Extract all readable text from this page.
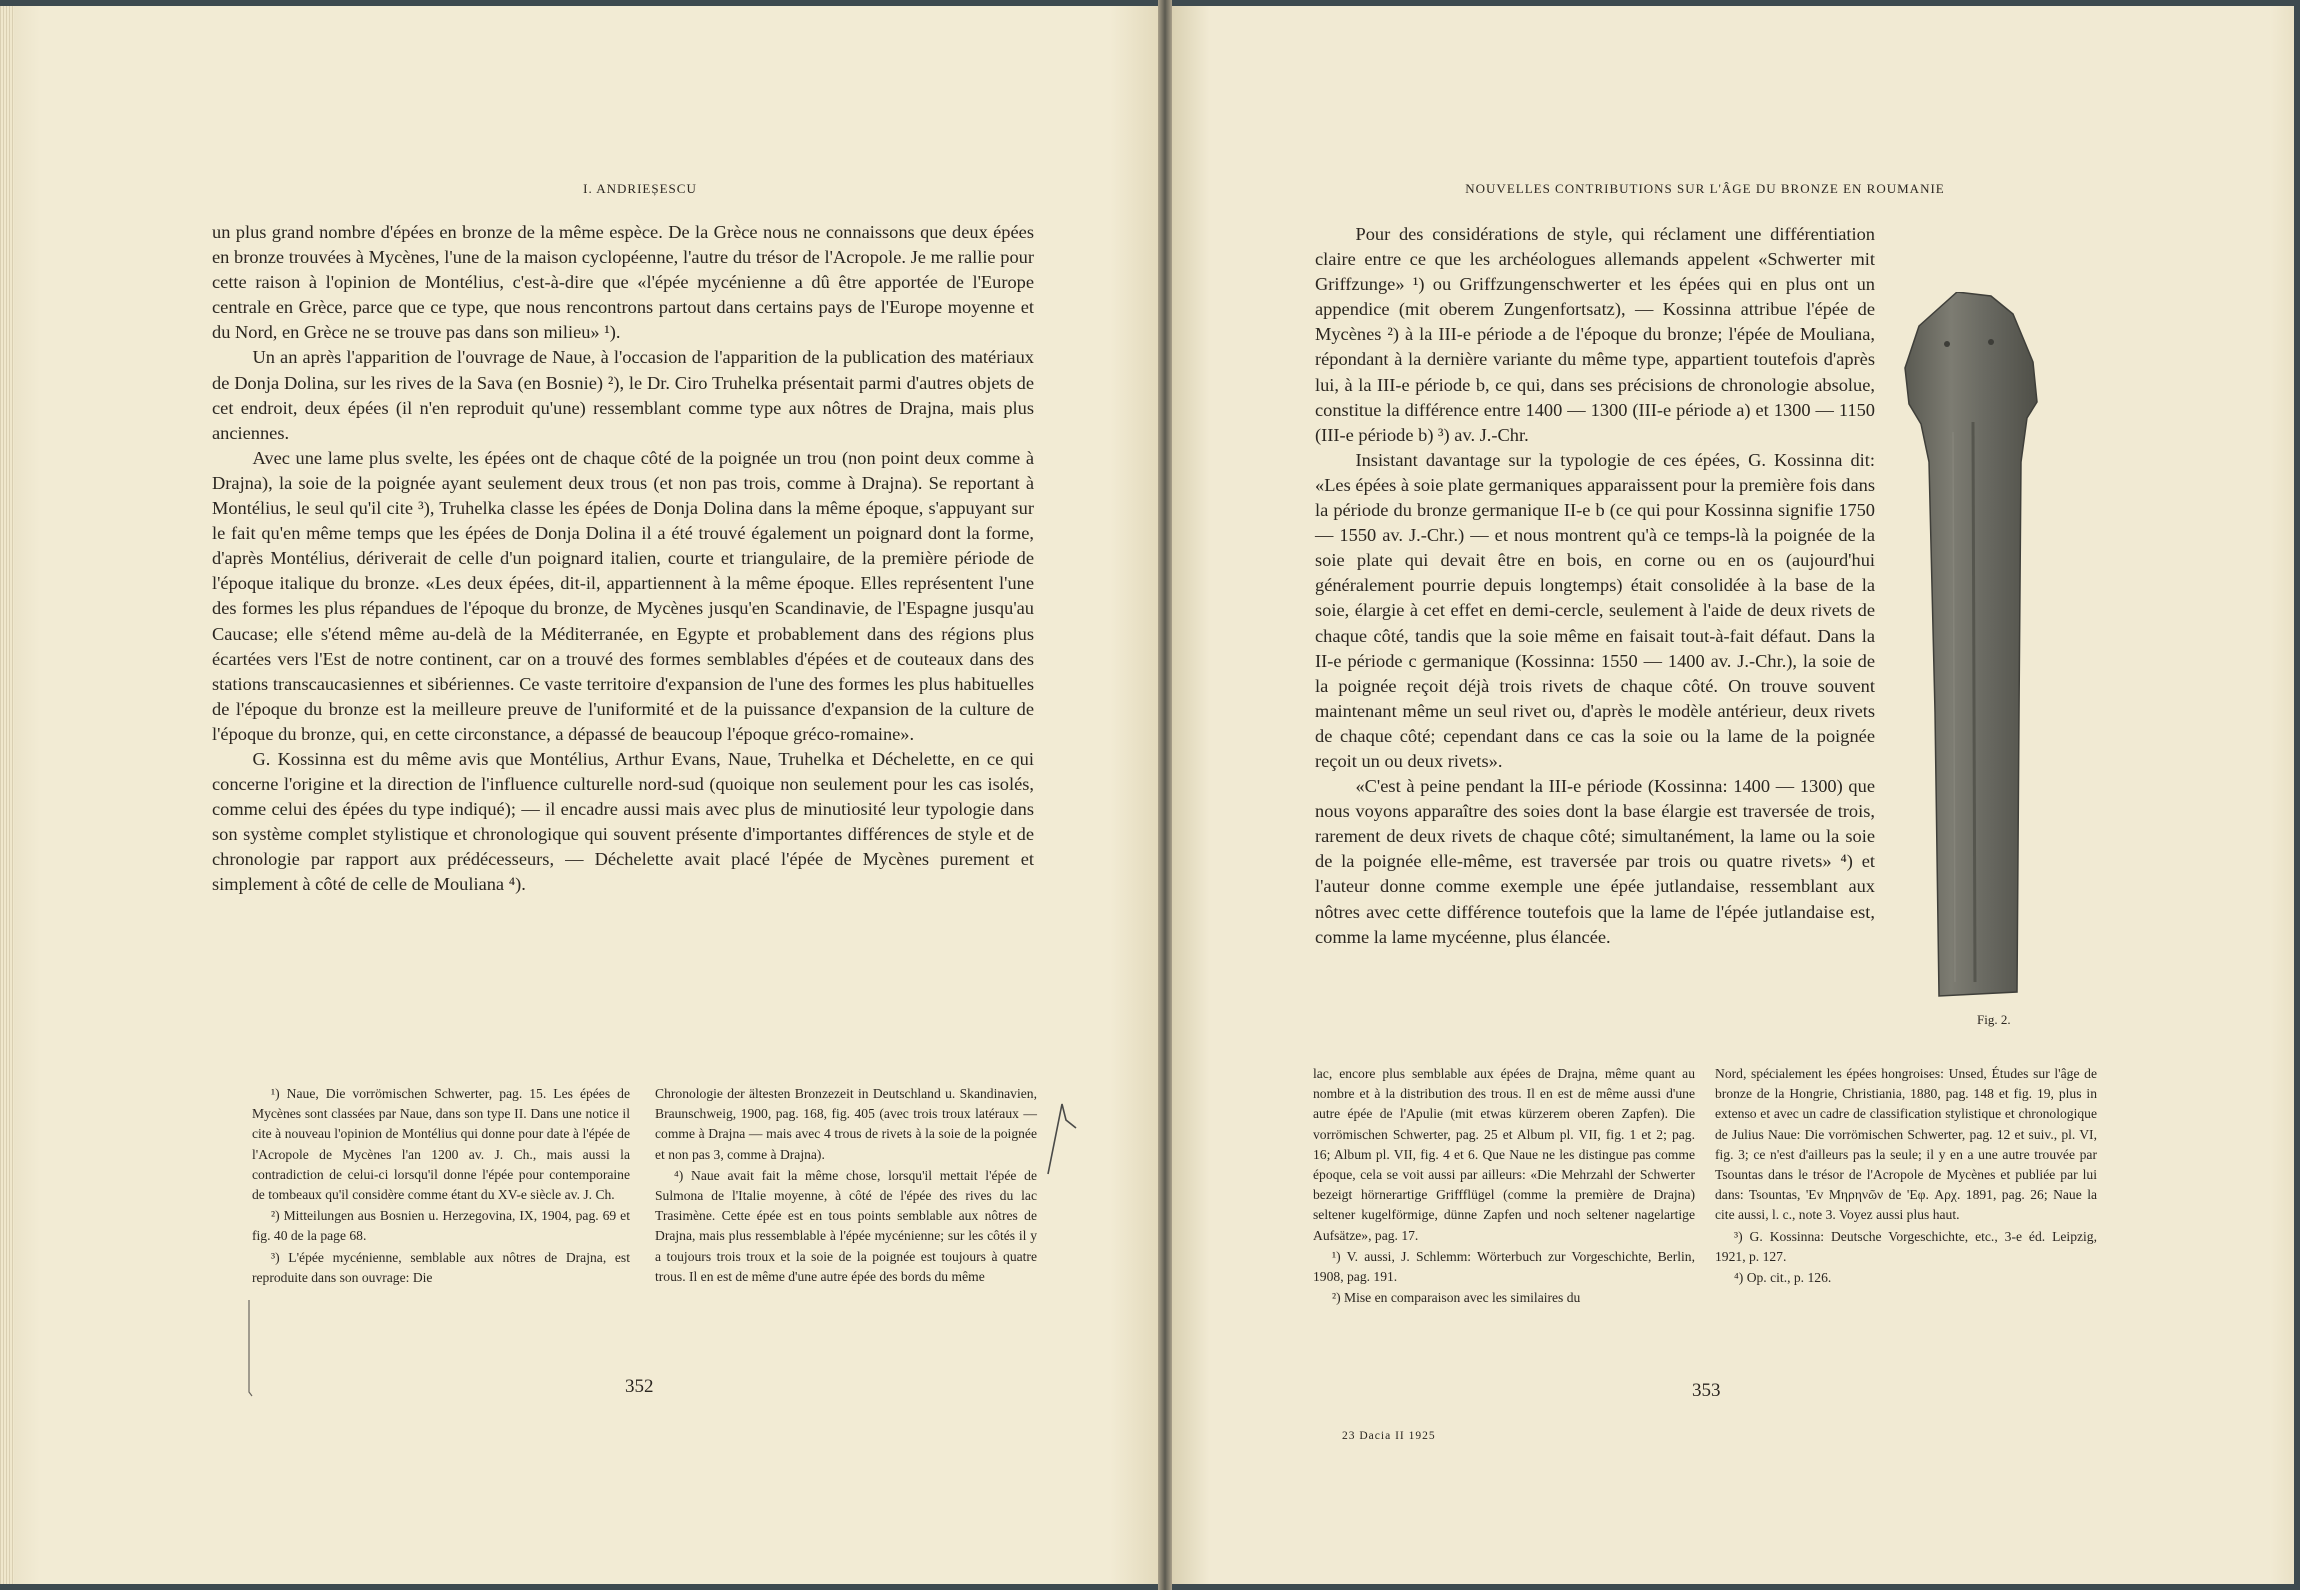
I. ANDRIEȘESCU

un plus grand nombre d'épées en bronze de la même espèce. De la Grèce nous ne connaissons que deux épées en bronze trouvées à Mycènes, l'une de la maison cyclopéenne, l'autre du trésor de l'Acropole. Je me rallie pour cette raison à l'opinion de Montélius, c'est-à-dire que «l'épée mycénienne a dû être apportée de l'Europe centrale en Grèce, parce que ce type, que nous rencontrons partout dans certains pays de l'Europe moyenne et du Nord, en Grèce ne se trouve pas dans son milieu» ¹).

Un an après l'apparition de l'ouvrage de Naue, à l'occasion de l'apparition de la publication des matériaux de Donja Dolina, sur les rives de la Sava (en Bosnie) ²), le Dr. Ciro Truhelka présentait parmi d'autres objets de cet endroit, deux épées (il n'en reproduit qu'une) ressemblant comme type aux nôtres de Drajna, mais plus anciennes.

Avec une lame plus svelte, les épées ont de chaque côté de la poignée un trou (non point deux comme à Drajna), la soie de la poignée ayant seulement deux trous (et non pas trois, comme à Drajna). Se reportant à Montélius, le seul qu'il cite ³), Truhelka classe les épées de Donja Dolina dans la même époque, s'appuyant sur le fait qu'en même temps que les épées de Donja Dolina il a été trouvé également un poignard dont la forme, d'après Montélius, dériverait de celle d'un poignard italien, courte et triangulaire, de la première période de l'époque italique du bronze. «Les deux épées, dit-il, appartiennent à la même époque. Elles représentent l'une des formes les plus répandues de l'époque du bronze, de Mycènes jusqu'en Scandinavie, de l'Espagne jusqu'au Caucase; elle s'étend même au-delà de la Méditerranée, en Egypte et probablement dans des régions plus écartées vers l'Est de notre continent, car on a trouvé des formes semblables d'épées et de couteaux dans des stations transcaucasiennes et sibériennes. Ce vaste territoire d'expansion de l'une des formes les plus habituelles de l'époque du bronze est la meilleure preuve de l'uniformité et de la puissance d'expansion de la culture de l'époque du bronze, qui, en cette circonstance, a dépassé de beaucoup l'époque gréco-romaine».

G. Kossinna est du même avis que Montélius, Arthur Evans, Naue, Truhelka et Déchelette, en ce qui concerne l'origine et la direction de l'influence culturelle nord-sud (quoique non seulement pour les cas isolés, comme celui des épées du type indiqué); — il encadre aussi mais avec plus de minutiosité leur typologie dans son système complet stylistique et chronologique qui souvent présente d'importantes différences de style et de chronologie par rapport aux prédécesseurs, — Déchelette avait placé l'épée de Mycènes purement et simplement à côté de celle de Mouliana ⁴).

¹) Naue, Die vorrömischen Schwerter, pag. 15. Les épées de Mycènes sont classées par Naue, dans son type II. Dans une notice il cite à nouveau l'opinion de Montélius qui donne pour date à l'épée de l'Acropole de Mycènes l'an 1200 av. J. Ch., mais aussi la contradiction de celui-ci lorsqu'il donne l'épée pour contemporaine de tombeaux qu'il considère comme étant du XV-e siècle av. J. Ch.

²) Mitteilungen aus Bosnien u. Herzegovina, IX, 1904, pag. 69 et fig. 40 de la page 68.

³) L'épée mycénienne, semblable aux nôtres de Drajna, est reproduite dans son ouvrage: Die

Chronologie der ältesten Bronzezeit in Deutschland u. Skandinavien, Braunschweig, 1900, pag. 168, fig. 405 (avec trois troux latéraux — comme à Drajna — mais avec 4 trous de rivets à la soie de la poignée et non pas 3, comme à Drajna).

⁴) Naue avait fait la même chose, lorsqu'il mettait l'épée de Sulmona de l'Italie moyenne, à côté de l'épée des rives du lac Trasimène. Cette épée est en tous points semblable aux nôtres de Drajna, mais plus ressemblable à l'épée mycénienne; sur les côtés il y a toujours trois troux et la soie de la poignée est toujours à quatre trous. Il en est de même d'une autre épée des bords du même

352
NOUVELLES CONTRIBUTIONS SUR L'ÂGE DU BRONZE EN ROUMANIE

Pour des considérations de style, qui réclament une différentiation claire entre ce que les archéologues allemands appelent «Schwerter mit Griffzunge» ¹) ou Griffzungenschwerter et les épées qui en plus ont un appendice (mit oberem Zungenfortsatz), — Kossinna attribue l'épée de Mycènes ²) à la III-e période a de l'époque du bronze; l'épée de Mouliana, répondant à la dernière variante du même type, appartient toutefois d'après lui, à la III-e période b, ce qui, dans ses précisions de chronologie absolue, constitue la différence entre 1400 — 1300 (III-e période a) et 1300 — 1150 (III-e période b) ³) av. J.-Chr.

Insistant davantage sur la typologie de ces épées, G. Kossinna dit: «Les épées à soie plate germaniques apparaissent pour la première fois dans la période du bronze germanique II-e b (ce qui pour Kossinna signifie 1750 — 1550 av. J.-Chr.) — et nous montrent qu'à ce temps-là la poignée de la soie plate qui devait être en bois, en corne ou en os (aujourd'hui généralement pourrie depuis longtemps) était consolidée à la base de la soie, élargie à cet effet en demi-cercle, seulement à l'aide de deux rivets de chaque côté, tandis que la soie même en faisait tout-à-fait défaut. Dans la II-e période c germanique (Kossinna: 1550 — 1400 av. J.-Chr.), la soie de la poignée reçoit déjà trois rivets de chaque côté. On trouve souvent maintenant même un seul rivet ou, d'après le modèle antérieur, deux rivets de chaque côté; cependant dans ce cas la soie ou la lame de la poignée reçoit un ou deux rivets».

«C'est à peine pendant la III-e période (Kossinna: 1400 — 1300) que nous voyons apparaître des soies dont la base élargie est traversée de trois, rarement de deux rivets de chaque côté; simultanément, la lame ou la soie de la poignée elle-même, est traversée par trois ou quatre rivets» ⁴) et l'auteur donne comme exemple une épée jutlandaise, ressemblant aux nôtres avec cette différence toutefois que la lame de l'épée jutlandaise est, comme la lame mycéenne, plus élancée.

Fig. 2.

lac, encore plus semblable aux épées de Drajna, même quant au nombre et à la distribution des trous. Il en est de même aussi d'une autre épée de l'Apulie (mit etwas kürzerem oberen Zapfen). Die vorrömischen Schwerter, pag. 25 et Album pl. VII, fig. 1 et 2; pag. 16; Album pl. VII, fig. 4 et 6. Que Naue ne les distingue pas comme époque, cela se voit aussi par ailleurs: «Die Mehrzahl der Schwerter bezeigt hörnerartige Griffflügel (comme la première de Drajna) seltener kugelförmige, dünne Zapfen und noch seltener nagelartige Aufsätze», pag. 17.

¹) V. aussi, J. Schlemm: Wörterbuch zur Vorgeschichte, Berlin, 1908, pag. 191.

²) Mise en comparaison avec les similaires du

Nord, spécialement les épées hongroises: Unsed, Études sur l'âge de bronze de la Hongrie, Christiania, 1880, pag. 148 et fig. 19, plus in extenso et avec un cadre de classification stylistique et chronologique de Julius Naue: Die vorrömischen Schwerter, pag. 12 et suiv., pl. VI, fig. 3; ce n'est d'ailleurs pas la seule; il y en a une autre trouvée par Tsountas dans le trésor de l'Acropole de Mycènes et publiée par lui dans: Tsountas, 'Ev Mηρηνῶν de 'Eφ. Aρχ. 1891, pag. 26; Naue la cite aussi, l. c., note 3. Voyez aussi plus haut.

³) G. Kossinna: Deutsche Vorgeschichte, etc., 3-e éd. Leipzig, 1921, p. 127.

⁴) Op. cit., p. 126.

353
23 Dacia II 1925
